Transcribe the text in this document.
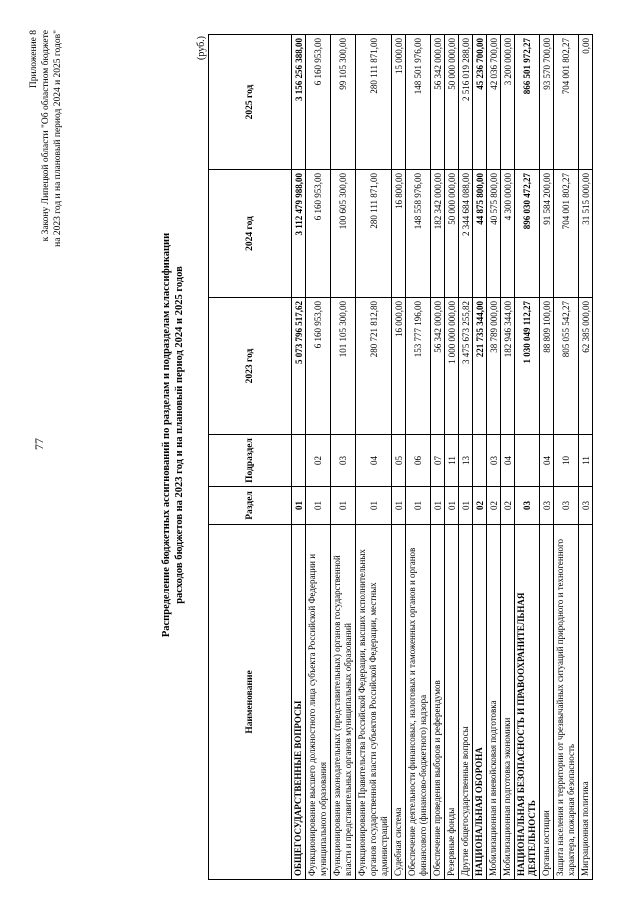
77
Приложение 8 к Закону Липецкой области "Об областном бюджете на 2023 год и на плановый период 2024 и 2025 годов"
Распределение бюджетных ассигнований по разделам и подразделам классификации расходов бюджетов на 2023 год и на плановый период 2024 и 2025 годов
(руб.)
Наименование	Раздел	Подраздел	2023 год	2024 год	2025 год
ОБЩЕГОСУДАРСТВЕННЫЕ ВОПРОСЫ	01		5 073 796 517,62	3 112 479 988,00	3 156 256 388,00
Функционирование высшего должностного лица субъекта Российской Федерации и муниципального образования	01	02	6 160 953,00	6 160 953,00	6 160 953,00
Функционирование законодательных (представительных) органов государственной власти и представительных органов муниципальных образований	01	03	101 105 300,00	100 605 300,00	99 105 300,00
Функционирование Правительства Российской Федерации, высших исполнительных органов государственной власти субъектов Российской Федерации, местных администраций	01	04	280 721 812,80	280 111 871,00	280 111 871,00
Судебная система	01	05	16 000,00	16 800,00	15 000,00
Обеспечение деятельности финансовых, налоговых и таможенных органов и органов финансового (финансово-бюджетного) надзора	01	06	153 777 196,00	148 558 976,00	148 501 976,00
Обеспечение проведения выборов и референдумов	01	07	56 342 000,00	182 342 000,00	56 342 000,00
Резервные фонды	01	11	1 000 000 000,00	50 000 000,00	50 000 000,00
Другие общегосударственные вопросы	01	13	3 475 673 255,82	2 344 684 088,00	2 516 019 288,00
НАЦИОНАЛЬНАЯ ОБОРОНА	02		221 735 344,00	44 875 800,00	45 236 700,00
Мобилизационная и вневойсковая подготовка	02	03	38 789 000,00	40 575 800,00	42 036 700,00
Мобилизационная подготовка экономики	02	04	182 946 344,00	4 300 000,00	3 200 000,00
НАЦИОНАЛЬНАЯ БЕЗОПАСНОСТЬ И ПРАВООХРАНИТЕЛЬНАЯ ДЕЯТЕЛЬНОСТЬ	03		1 030 049 112,27	896 030 472,27	866 501 972,27
Органы юстиции	03	04	88 809 100,00	91 584 200,00	93 570 700,00
Защита населения и территории от чрезвычайных ситуаций природного и техногенного характера, пожарная безопасность	03	10	805 055 542,27	704 001 802,27	704 001 802,27
Миграционная политика	03	11	62 385 000,00	31 515 000,00	0,00
